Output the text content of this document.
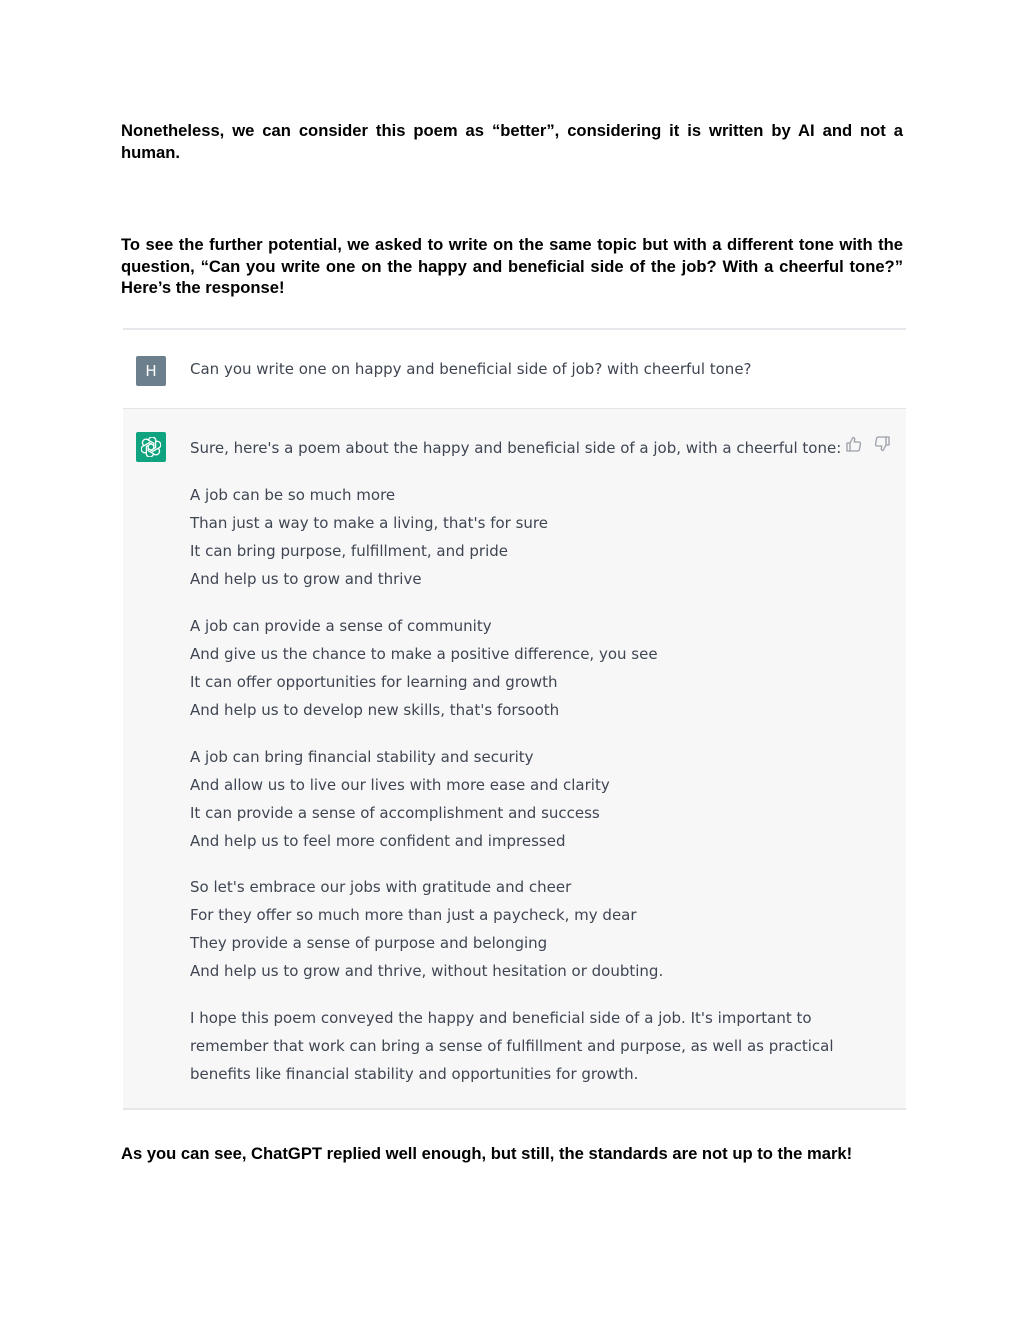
Nonetheless, we can consider this poem as “better”, considering it is written by AI and not a human.

To see the further potential, we asked to write on the same topic but with a different tone with the question, “Can you write one on the happy and beneficial side of the job? With a cheerful tone?” Here’s the response!

H	Can you write one on happy and beneficial side of job? with cheerful tone?
Sure, here's a poem about the happy and beneficial side of a job, with a cheerful tone:
A job can be so much more
Than just a way to make a living, that's for sure
It can bring purpose, fulfillment, and pride
And help us to grow and thrive
A job can provide a sense of community
And give us the chance to make a positive difference, you see
It can offer opportunities for learning and growth
And help us to develop new skills, that's forsooth
A job can bring financial stability and security
And allow us to live our lives with more ease and clarity
It can provide a sense of accomplishment and success
And help us to feel more confident and impressed
So let's embrace our jobs with gratitude and cheer
For they offer so much more than just a paycheck, my dear
They provide a sense of purpose and belonging
And help us to grow and thrive, without hesitation or doubting.
I hope this poem conveyed the happy and beneficial side of a job. It's important to
remember that work can bring a sense of fulfillment and purpose, as well as practical
benefits like financial stability and opportunities for growth.

As you can see, ChatGPT replied well enough, but still, the standards are not up to the mark!
